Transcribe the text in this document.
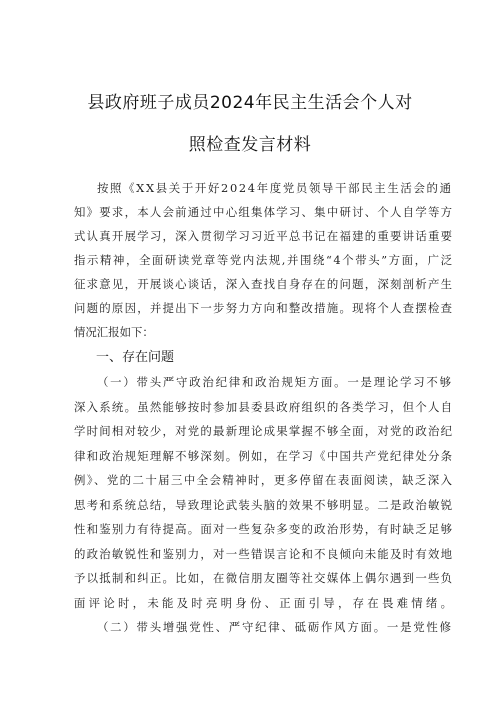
县政府班子成员2024年民主生活会个人对
照检查发言材料
按照《XX县关于开好2024年度党员领导干部民主生活会的通
知》要求，本人会前通过中心组集体学习、集中研讨、个人自学等方
式认真开展学习，深入贯彻学习习近平总书记在福建的重要讲话重要
指示精神，全面研读党章等党内法规,并围绕“4个带头”方面，广泛
征求意见，开展谈心谈话，深入查找自身存在的问题，深刻剖析产生
问题的原因，并提出下一步努力方向和整改措施。现将个人查摆检查
情况汇报如下：
一、存在问题
（一）带头严守政治纪律和政治规矩方面。一是理论学习不够
深入系统。虽然能够按时参加县委县政府组织的各类学习，但个人自
学时间相对较少，对党的最新理论成果掌握不够全面，对党的政治纪
律和政治规矩理解不够深刻。例如，在学习《中国共产党纪律处分条
例》、党的二十届三中全会精神时，更多停留在表面阅读，缺乏深入
思考和系统总结，导致理论武装头脑的效果不够明显。二是政治敏锐
性和鉴别力有待提高。面对一些复杂多变的政治形势，有时缺乏足够
的政治敏锐性和鉴别力，对一些错误言论和不良倾向未能及时有效地
予以抵制和纠正。比如，在微信朋友圈等社交媒体上偶尔遇到一些负
面评论时，未能及时亮明身份、正面引导，存在畏难情绪。
（二）带头增强党性、严守纪律、砥砺作风方面。一是党性修
